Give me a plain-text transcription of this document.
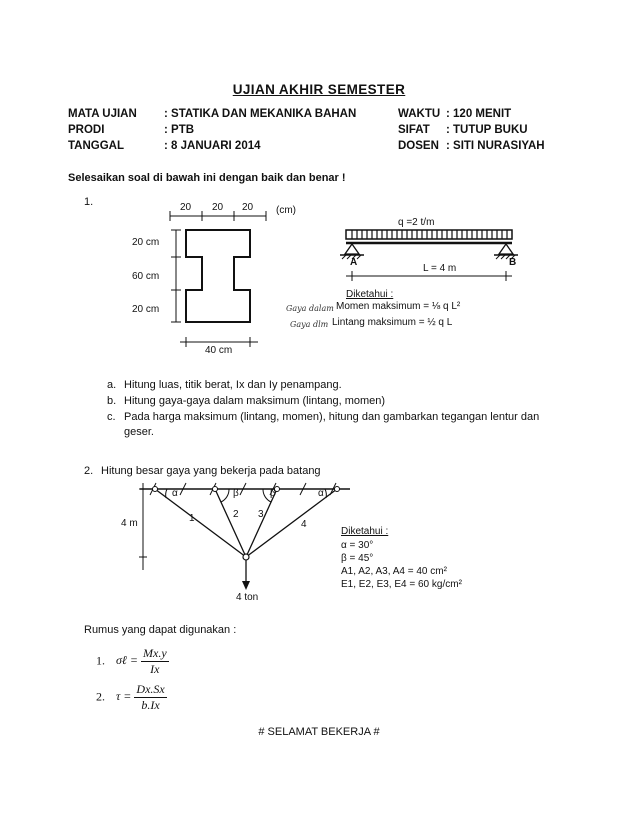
UJIAN AKHIR SEMESTER
MATA UJIAN : STATIKA DAN MEKANIKA BAHAN
PRODI	: PTB
TANGGAL	: 8 JANUARI 2014
WAKTU : 120 MENIT
SIFAT : TUTUP BUKU
DOSEN : SITI NURASIYAH
Selesaikan soal di bawah ini dengan baik dan benar !
1.	20 20 20 (cm)
20 cm
60 cm
20 cm
40 cm
q =2 t/m
A	B
L = 4 m
Diketahui :
Gaya dalam Momen maksimum = ⅛ q L²
Gaya dlm Lintang maksimum = ½ q L
a. Hitung luas, titik berat, Ix dan Iy penampang.
b. Hitung gaya-gaya dalam maksimum (lintang, momen)
c. Pada harga maksimum (lintang, momen), hitung dan gambarkan tegangan lentur dan
geser.
2. Hitung besar gaya yang bekerja pada batang
4 m
α	β	β	α
1	2 3
4
4 ton
Diketahui :
α = 30°
β = 45°
A1, A2, A3, A4 = 40 cm²
E1, E2, E3, E4 = 60 kg/cm²
Rumus yang dapat digunakan :
1. σℓ = $\frac{Mx.y}{Ix}$
2. $\tau = \frac{Dx.Sx}{b.Ix}$
# SELAMAT BEKERJA #
